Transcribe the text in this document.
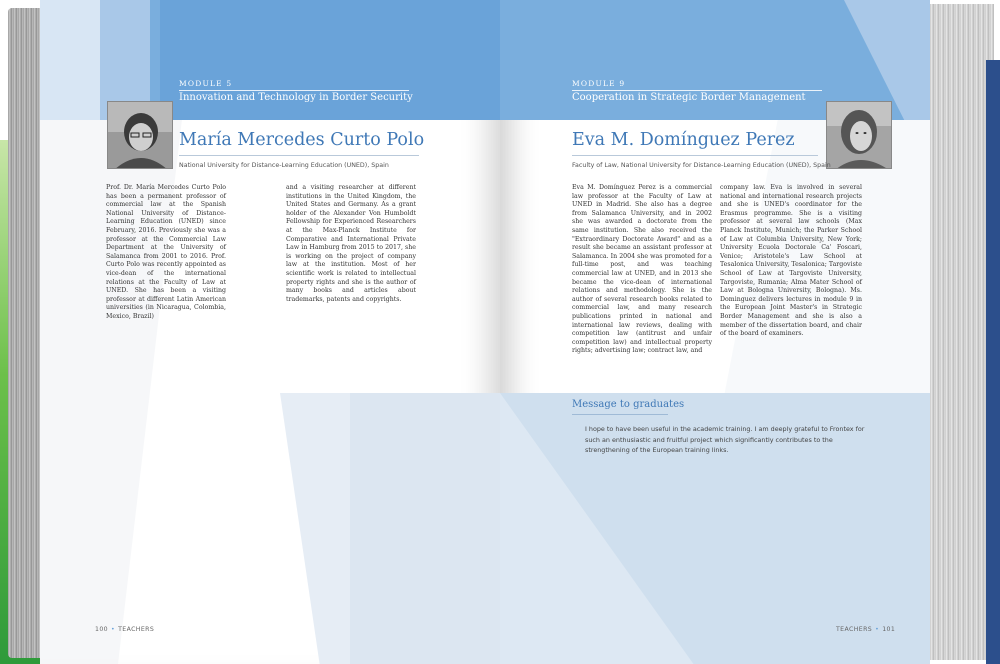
MODULE 5
Innovation and Technology in Border Security
María Mercedes Curto Polo
National University for Distance-Learning Education (UNED), Spain
Prof. Dr. María Mercedes Curto Polo has been a permanent professor of commercial law at the Spanish National University of Distance-Learning Education (UNED) since February, 2016. Previously she was a professor at the Commercial Law Department at the University of Salamanca from 2001 to 2016. Prof. Curto Polo was recently appointed as vice-dean of the international relations at the Faculty of Law at UNED. She has been a visiting professor at different Latin American universities (in Nicaragua, Colombia, Mexico, Brazil)
and a visiting researcher at different institutions in the United Kingdom, the United States and Germany. As a grant holder of the Alexander Von Humboldt Fellowship for Experienced Researchers at the Max-Planck Institute for Comparative and International Private Law in Hamburg from 2015 to 2017, she is working on the project of company law at the institution. Most of her scientific work is related to intellectual property rights and she is the author of many books and articles about trademarks, patents and copyrights.
100 • TEACHERS
MODULE 9
Cooperation in Strategic Border Management
Eva M. Domínguez Perez
Faculty of Law, National University for Distance-Learning Education (UNED), Spain
Eva M. Domínguez Perez is a commercial law professor at the Faculty of Law at UNED in Madrid. She also has a degree from Salamanca University, and in 2002 she was awarded a doctorate from the same institution. She also received the "Extraordinary Doctorate Award" and as a result she became an assistant professor at Salamanca. In 2004 she was promoted for a full-time post, and was teaching commercial law at UNED, and in 2013 she became the vice-dean of international relations and methodology. She is the author of several research books related to commercial law, and many research publications printed in national and international law reviews, dealing with competition law (antitrust and unfair competition law) and intellectual property rights; advertising law; contract law, and
company law. Eva is involved in several national and international research projects and she is UNED's coordinator for the Erasmus programme. She is a visiting professor at several law schools (Max Planck Institute, Munich; the Parker School of Law at Columbia University, New York; University Ecuola Doctorale Ca' Foscari, Venice; Aristotele's Law School at Tesalonica University, Tesalonica; Targoviste School of Law at Targoviste University, Targoviste, Rumania; Alma Mater School of Law at Bologna University, Bologna). Ms. Dominguez delivers lectures in module 9 in the European Joint Master's in Strategic Border Management and she is also a member of the dissertation board, and chair of the board of examiners.
Message to graduates
I hope to have been useful in the academic training. I am deeply grateful to Frontex for such an enthusiastic and fruitful project which significantly contributes to the strengthening of the European training links.
TEACHERS • 101
